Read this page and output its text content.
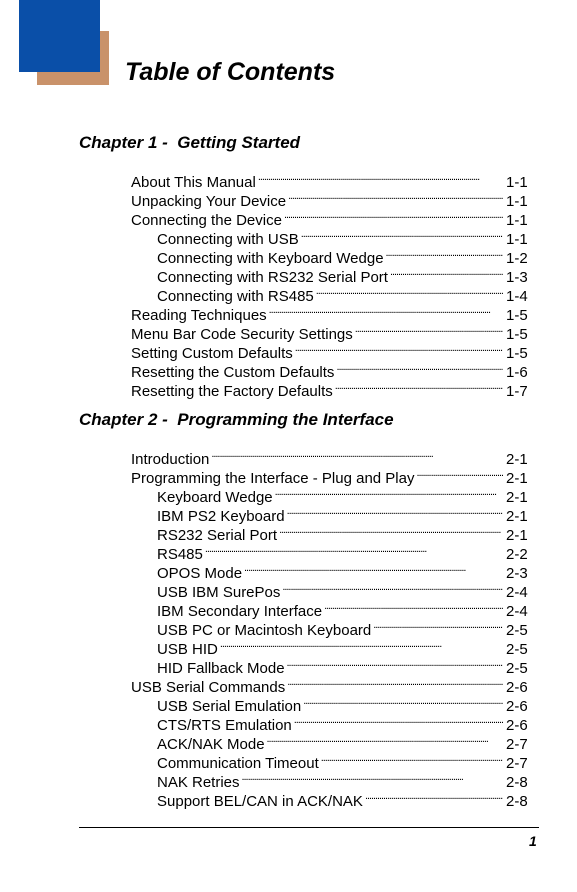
Table of Contents
Chapter 1 - Getting Started
About This Manual . . .	1-1
Unpacking Your Device . . .	1-1
Connecting the Device . . .	1-1
Connecting with USB . . .	1-1
Connecting with Keyboard Wedge . . .	1-2
Connecting with RS232 Serial Port . . .	1-3
Connecting with RS485 . . .	1-4
Reading Techniques . . .	1-5
Menu Bar Code Security Settings . . .	1-5
Setting Custom Defaults . . .	1-5
Resetting the Custom Defaults . . .	1-6
Resetting the Factory Defaults . . .	1-7
Chapter 2 - Programming the Interface
Introduction . . .	2-1
Programming the Interface - Plug and Play . . .	2-1
Keyboard Wedge . . .	2-1
IBM PS2 Keyboard . . .	2-1
RS232 Serial Port . . .	2-1
RS485 . . .	2-2
OPOS Mode . . .	2-3
USB IBM SurePos . . .	2-4
IBM Secondary Interface . . .	2-4
USB PC or Macintosh Keyboard . . .	2-5
USB HID . . .	2-5
HID Fallback Mode . . .	2-5
USB Serial Commands . . .	2-6
USB Serial Emulation . . .	2-6
CTS/RTS Emulation . . .	2-6
ACK/NAK Mode . . .	2-7
Communication Timeout . . .	2-7
NAK Retries . . .	2-8
Support BEL/CAN in ACK/NAK . . .	2-8

1
